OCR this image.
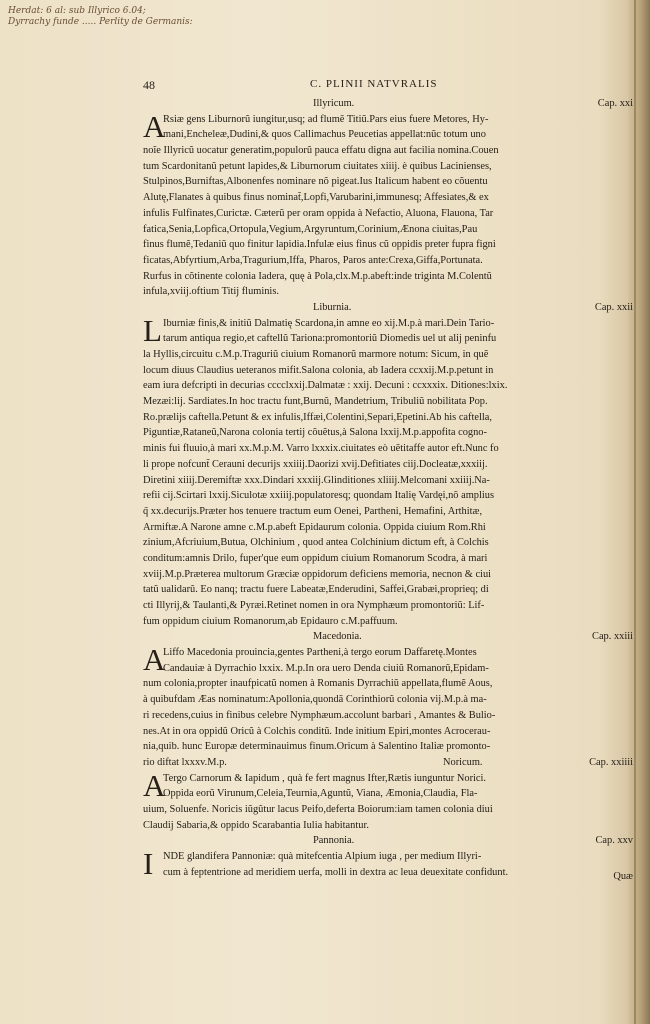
Herdat: 6 al: sub Illyrico 6.04;
Dyrrachy funde ..... Perlity de Germanis:
48	C. PLINII NATVRALIS
Illyricum.	Cap. xxi
A
Rsiæ gens Liburnorũ iungitur,usq; ad flumẽ Titiũ.Pars eius fuere Metores, Hy-
mani,Encheleæ,Dudini,& quos Callimachus Peucetias appellat:nũc totum uno
noĩe Illyricũ uocatur generatim,populorũ pauca effatu digna aut facilia nomina.Couen
tum Scardonitanũ petunt lapides,& Liburnorum ciuitates xiiij. è quibus Lacinienses,
Stulpinos,Burniftas,Albonenfes nominare nõ pigeat.Ius Italicum habent eo cõuentu
Alutę,Flanates à quibus finus nominat̃,Lopfi,Varubarini,immunesq; Affesiates,& ex
infulis Fulfinates,Curictæ. Cæterũ per oram oppida à Nefactio, Aluona, Flauona, Tar
fatica,Senia,Lopfica,Ortopula,Vegium,Argyruntum,Corinium,Ænona ciuitas,Pau
finus flumẽ,Tedaniũ quo finitur lapidia.Infulæ eius finus cũ oppidis preter fupra figni
ficatas,Abfyrtium,Arba,Tragurium,Iffa, Pharos, Paros ante:Crexa,Giffa,Portunata.
Rurfus in cõtinente colonia Iadera, quę à Pola,clx.M.p.abeft:inde triginta M.Colentũ
infula,xviij.oftium Titij fluminis.
Liburnia.	Cap. xxii
L Iburniæ finis,& initiũ Dalmatię Scardona,in amne eo xij.M.p.à mari.Dein Tario-
tarum antiqua regio,et caftellũ Tariona:promontoriũ Diomedis uel ut alij peninfu
la Hyllis,circuitu c.M.p.Traguriũ ciuium Romanorũ marmore notum: Sicum, in quẽ
locum diuus Claudius ueteranos mifit.Salona colonia, ab Iadera ccxxij.M.p.petunt in
eam iura defcripti in decurias cccclxxij.Dalmatæ : xxij. Decuni : ccxxxix. Ditiones:lxix.
Mezæi:lij. Sardiates.In hoc tractu funt,Burnũ, Mandetrium, Tribuliũ nobilitata Pop.
Ro.prælijs caftella.Petunt & ex infulis,Iffæi,Colentini,Separi,Epetini.Ab his caftella,
Piguntiæ,Rataneũ,Narona colonia tertij cõuẽtus,à Salona lxxij.M.p.appofita cogno-
minis fui fluuio,à mari xx.M.p.M. Varro lxxxix.ciuitates eò uẽtitaffe autor eft.Nunc fo
li prope nofcunt̃ Cerauni decurijs xxiiij.Daorizi xvij.Defitiates ciij.Docleatæ,xxxiij.
Diretini xiiij.Deremiftæ xxx.Dindari xxxiij.Glinditiones xliiij.Melcomani xxiiij.Na-
refii cij.Scirtari lxxij.Siculotæ xxiiij.populatoresq; quondam Italię Vardęi,nõ amplius
q̃ xx.decurijs.Præter hos tenuere tractum eum Oenei, Partheni, Hemafini, Arthitæ,
Armiftæ.A Narone amne c.M.p.abeft Epidaurum colonia. Oppida ciuium Rom.Rhi
zinium,Afcriuium,Butua, Olchinium , quod antea Colchinium dictum eft, à Colchis
conditum:amnis Drilo, fuper'que eum oppidum ciuium Romanorum Scodra, à mari
xviij.M.p.Præterea multorum Græciæ oppidorum deficiens memoria, necnon & ciui
tatũ ualidarũ. Eo nanq; tractu fuere Labeatæ,Enderudini, Saffei,Grabæi,proprieq; di
cti Illyrij,& Taulanti,& Pyræi.Retinet nomen in ora Nymphæum promontoriũ: Lif-
fum oppidum ciuium Romanorum,ab Epidauro c.M.paffuum.
Macedonia.	Cap. xxiii
A
Liffo Macedonia prouincia,gentes Partheni,à tergo eorum Daffaretę.Montes
Candauiæ à Dyrrachio lxxix. M.p.In ora uero Denda ciuiũ Romanorũ,Epidam-
num colonia,propter inaufpicatũ nomen à Romanis Dyrrachiũ appellata,flumẽ Aous,
à quibufdam Æas nominatum:Apollonia,quondã Corinthiorũ colonia vij.M.p.à ma-
ri recedens,cuius in finibus celebre Nymphæum.accolunt barbari , Amantes & Bulio-
nes.At in ora oppidũ Oricũ à Colchis conditũ. Inde initium Epiri,montes Acrocerau-
nia,quib. hunc Europæ determinauimus finum.Oricum à Salentino Italiæ promonto-
Noricum.	Cap. xxiiii
rio diftat lxxxv.M.p.
A
Tergo Carnorum & Iapidum , quà fe fert magnus Ifter,Rætis iunguntur Norici.
Oppida eorũ Virunum,Celeia,Teurnia,Aguntũ, Viana, Æmonia,Claudia, Fla-
uium, Soluenfe. Noricis iũgũtur lacus Peifo,deferta Boiorum:iam tamen colonia diui
Claudij Sabaria,& oppido Scarabantia Iulia habitantur.
Pannonia.	Cap. xxv
I NDE glandifera Pannoniæ: quà mitefcentia Alpium iuga , per medium Illyri-
cum à feptentrione ad meridiem uerfa, molli in dextra ac leua deuexitate confidunt.	Quæ
